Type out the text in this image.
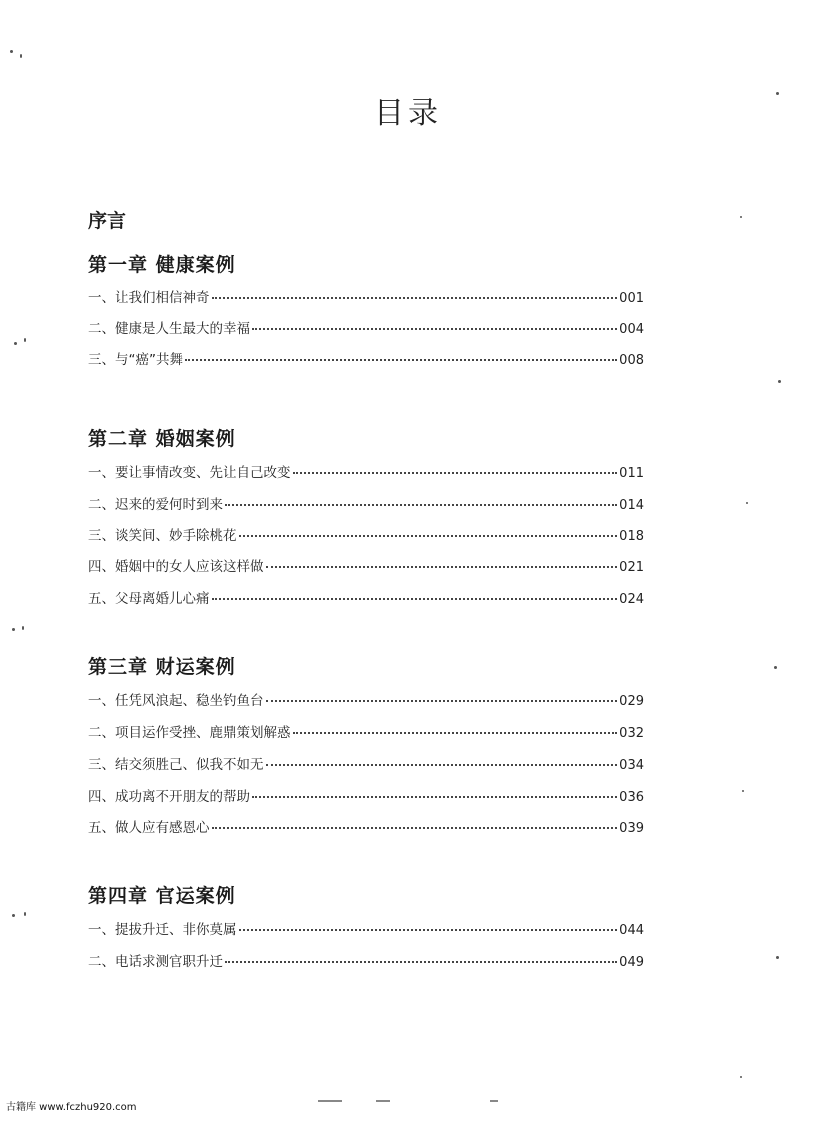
目录
序言
第一章 健康案例
一、让我们相信神奇	001
二、健康是人生最大的幸福	004
三、与“癌”共舞	008
第二章 婚姻案例
一、要让事情改变、先让自己改变	011
二、迟来的爱何时到来	014
三、谈笑间、妙手除桃花	018
四、婚姻中的女人应该这样做	021
五、父母离婚儿心痛	024
第三章 财运案例
一、任凭风浪起、稳坐钓鱼台	029
二、项目运作受挫、鹿鼎策划解惑	032
三、结交须胜己、似我不如无	034
四、成功离不开朋友的帮助	036
五、做人应有感恩心	039
第四章 官运案例
一、提拔升迁、非你莫属	044
二、电话求测官职升迁	049
古籍库 www.fczhu920.com
